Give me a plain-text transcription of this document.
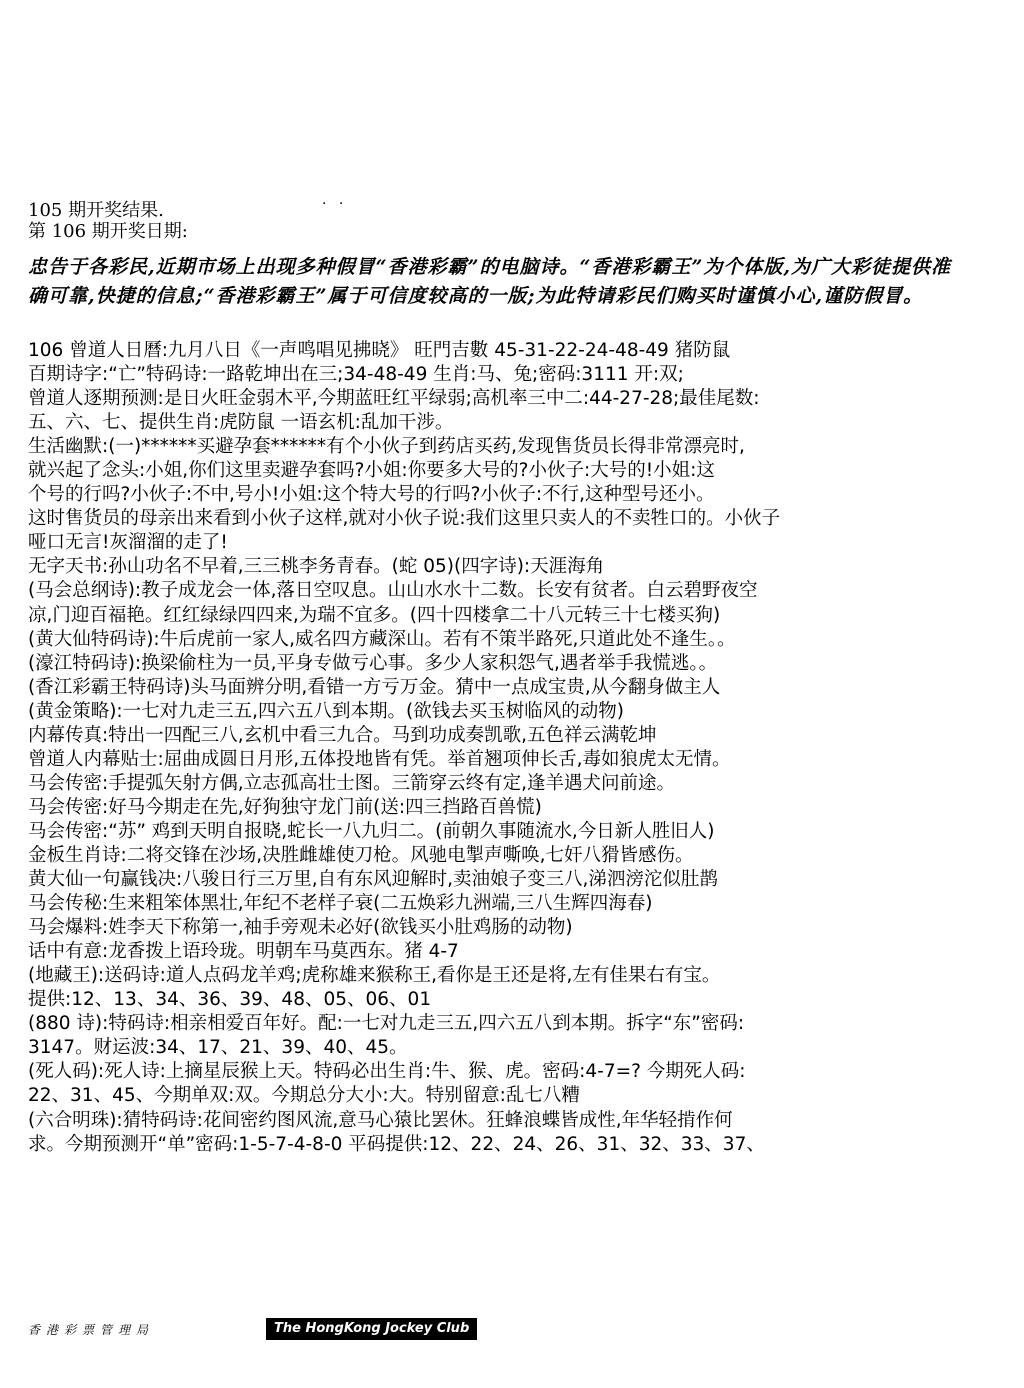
. .
105 期开奖结果.
第 106 期开奖日期:
忠告于各彩民,近期市场上出现多种假冒“香港彩霸”的电脑诗。“香港彩霸王”为个体版,为广大彩徒提供准确可靠,快捷的信息;“香港彩霸王”属于可信度较高的一版;为此特请彩民们购买时谨慎小心,谨防假冒。

106 曾道人日曆:九月八日《一声鸣唱见拂晓》 旺門吉數 45-31-22-24-48-49 猪防鼠

百期诗字:“亡”特码诗:一路乾坤出在三;34-48-49 生肖:马、兔;密码:3111 开:双;

曾道人逐期预测:是日火旺金弱木平,今期蓝旺红平绿弱;高机率三中二:44-27-28;最佳尾数:

五、六、七、提供生肖:虎防鼠 一语玄机:乱加干涉。

生活幽默:(一)******买避孕套******有个小伙子到药店买药,发现售货员长得非常漂亮时,

就兴起了念头:小姐,你们这里卖避孕套吗?小姐:你要多大号的?小伙子:大号的!小姐:这

个号的行吗?小伙子:不中,号小!小姐:这个特大号的行吗?小伙子:不行,这种型号还小。

这时售货员的母亲出来看到小伙子这样,就对小伙子说:我们这里只卖人的不卖牲口的。小伙子

哑口无言!灰溜溜的走了!

无字天书:孙山功名不早着,三三桃李务青春。(蛇 05)(四字诗):天涯海角

(马会总纲诗):教子成龙会一体,落日空叹息。山山水水十二数。长安有贫者。白云碧野夜空

凉,门迎百福艳。红红绿绿四四来,为瑞不宜多。(四十四楼拿二十八元转三十七楼买狗)

(黄大仙特码诗):牛后虎前一家人,威名四方藏深山。若有不策半路死,只道此处不逢生。。

(濠江特码诗):换梁偷柱为一员,平身专做亏心事。多少人家积怨气,遇者举手我慌逃。。

(香江彩霸王特码诗)头马面辨分明,看错一方亏万金。猜中一点成宝贵,从今翻身做主人

(黄金策略):一七对九走三五,四六五八到本期。(欲钱去买玉树临风的动物)

内幕传真:特出一四配三八,玄机中看三九合。马到功成奏凯歌,五色祥云满乾坤

曾道人内幕贴士:屈曲成圆日月形,五体投地皆有凭。举首翘项伸长舌,毒如狼虎太无情。

马会传密:手提弧矢射方偶,立志孤高壮士图。三箭穿云终有定,逢羊遇犬问前途。

马会传密:好马今期走在先,好狗独守龙门前(送:四三挡路百兽慌)

马会传密:“苏” 鸡到天明自报晓,蛇长一八九归二。(前朝久事随流水,今日新人胜旧人)

金板生肖诗:二将交锋在沙场,决胜雌雄使刀枪。风驰电掣声嘶唤,七奸八猾皆感伤。

黄大仙一句赢钱决:八骏日行三万里,自有东风迎解时,卖油娘子变三八,涕泗滂沱似肚鹊

马会传秘:生来粗笨体黑壮,年纪不老样子衰(二五焕彩九洲端,三八生辉四海春)

马会爆料:姓李天下称第一,袖手旁观未必好(欲钱买小肚鸡肠的动物)

话中有意:龙香拨上语玲珑。明朝车马莫西东。猪 4-7

(地藏王):送码诗:道人点码龙羊鸡;虎称雄来猴称王,看你是王还是将,左有佳果右有宝。

提供:12、13、34、36、39、48、05、06、01

(880 诗):特码诗:相亲相爱百年好。配:一七对九走三五,四六五八到本期。拆字“东”密码:

3147。财运波:34、17、21、39、40、45。

(死人码):死人诗:上摘星辰猴上天。特码必出生肖:牛、猴、虎。密码:4-7=? 今期死人码:

22、31、45、今期单双:双。今期总分大小:大。特别留意:乱七八糟

(六合明珠):猜特码诗:花间密约图风流,意马心猿比罢休。狂蜂浪蝶皆成性,年华轻掯作何

求。今期预测开“单”密码:1-5-7-4-8-0 平码提供:12、22、24、26、31、32、33、37、

香港彩票管理局	The HongKong Jockey Club
